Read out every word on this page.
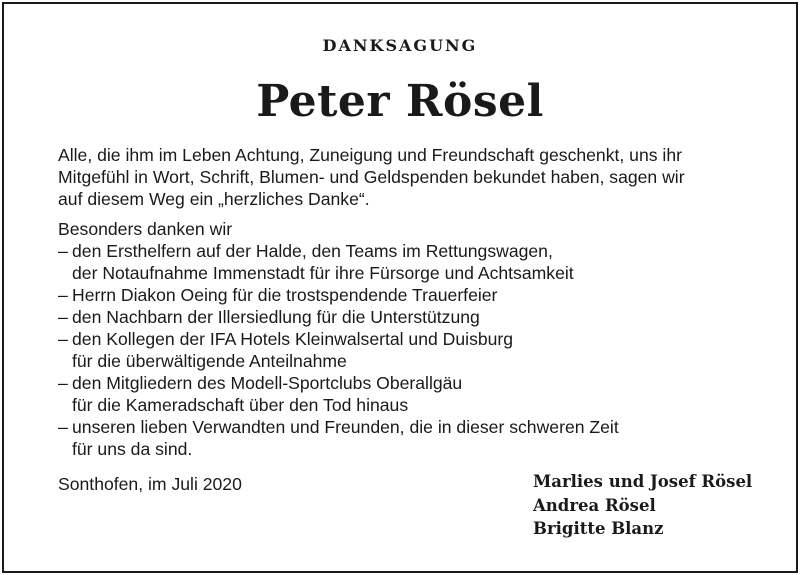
DANKSAGUNG
Peter Rösel

Alle, die ihm im Leben Achtung, Zuneigung und Freundschaft geschenkt, uns ihr

Mitgefühl in Wort, Schrift, Blumen- und Geldspenden bekundet haben, sagen wir

auf diesem Weg ein „herzliches Danke“.

Besonders danken wir

– den Ersthelfern auf der Halde, den Teams im Rettungswagen,
der Notaufnahme Immenstadt für ihre Fürsorge und Achtsamkeit
– Herrn Diakon Oeing für die trostspendende Trauerfeier
– den Nachbarn der Illersiedlung für die Unterstützung
– den Kollegen der IFA Hotels Kleinwalsertal und Duisburg
für die überwältigende Anteilnahme
– den Mitgliedern des Modell-Sportclubs Oberallgäu
für die Kameradschaft über den Tod hinaus
– unseren lieben Verwandten und Freunden, die in dieser schweren Zeit
für uns da sind.
Sonthofen, im Juli 2020	Marlies und Josef Rösel
Andrea Rösel
Brigitte Blanz
